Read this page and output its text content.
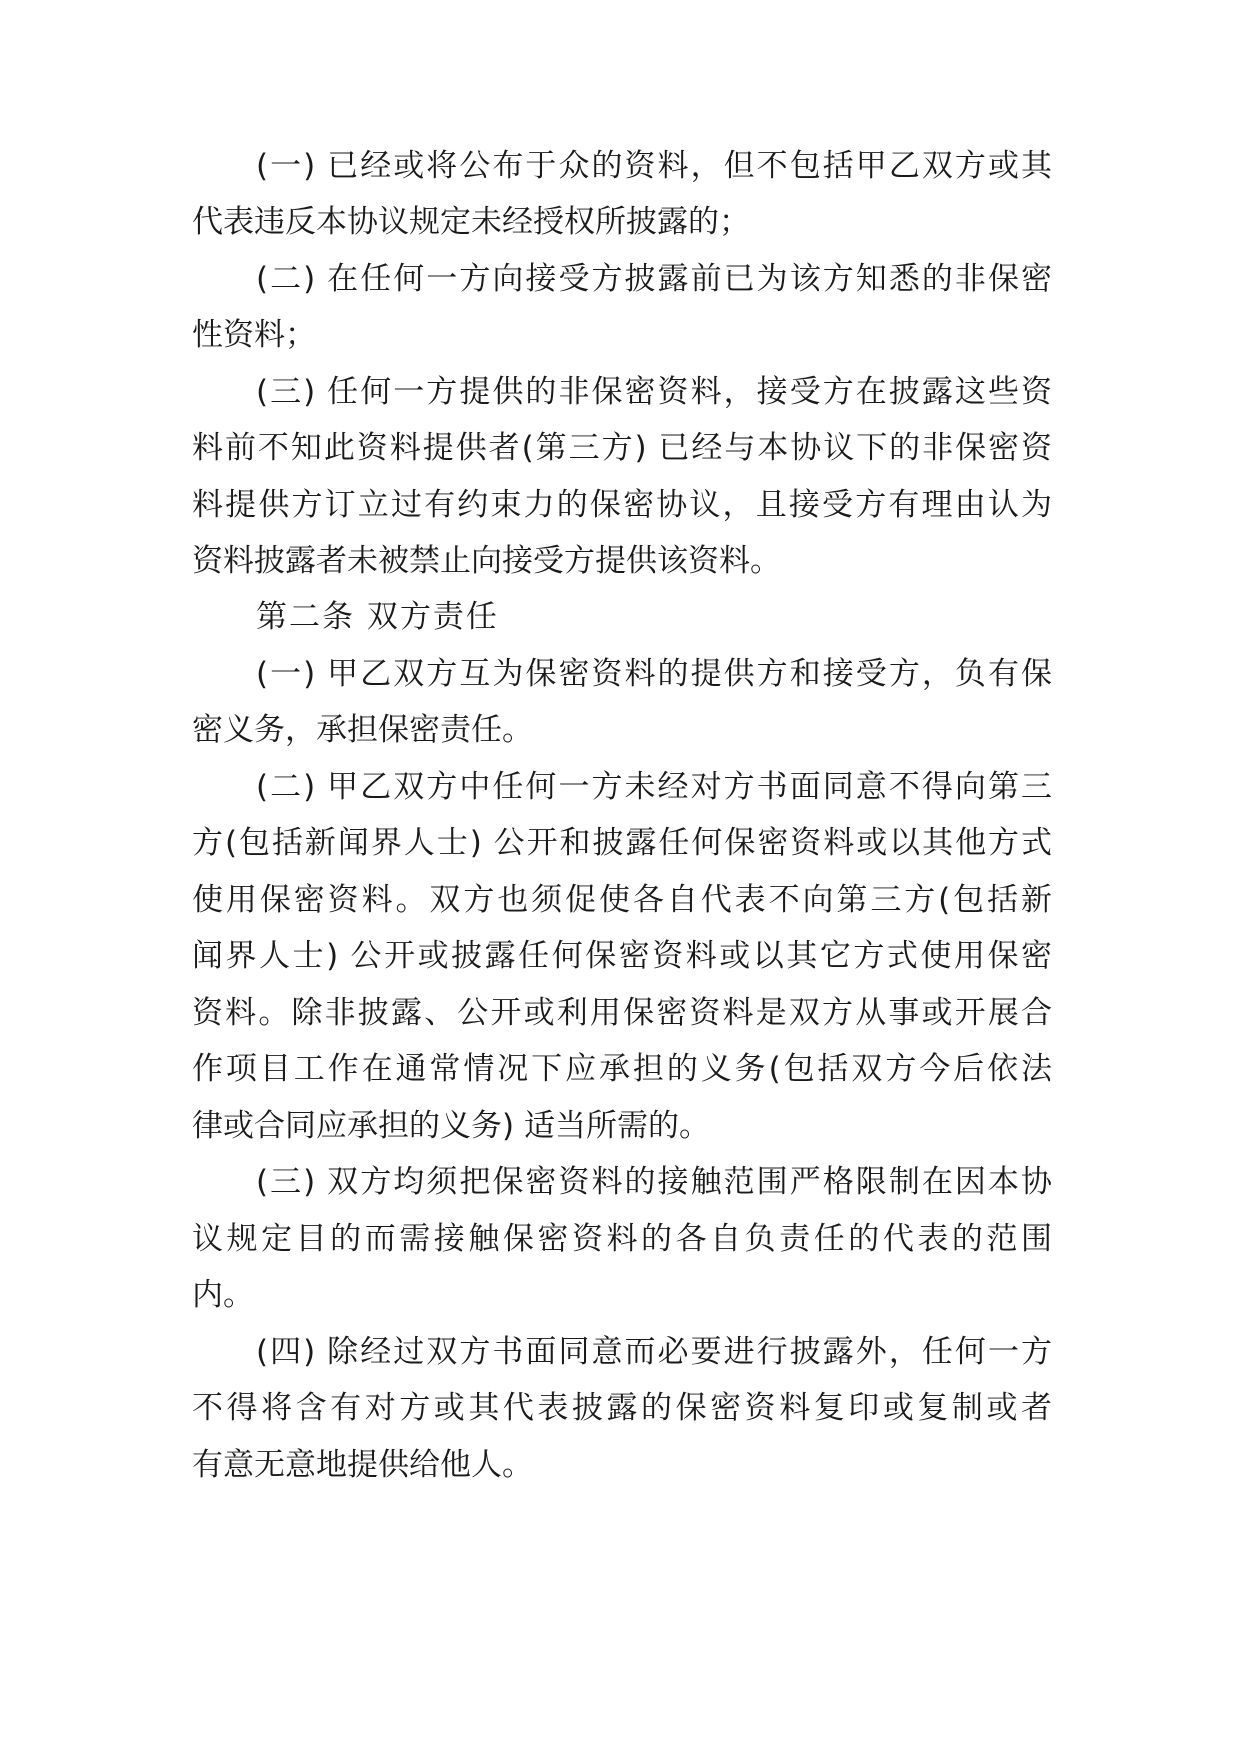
(一) 已经或将公布于众的资料，但不包括甲乙双方或其
代表违反本协议规定未经授权所披露的；
(二) 在任何一方向接受方披露前已为该方知悉的非保密
性资料；
(三) 任何一方提供的非保密资料，接受方在披露这些资
料前不知此资料提供者(第三方) 已经与本协议下的非保密资
料提供方订立过有约束力的保密协议，且接受方有理由认为
资料披露者未被禁止向接受方提供该资料。
第二条 双方责任
(一) 甲乙双方互为保密资料的提供方和接受方，负有保
密义务，承担保密责任。
(二) 甲乙双方中任何一方未经对方书面同意不得向第三
方(包括新闻界人士) 公开和披露任何保密资料或以其他方式
使用保密资料。双方也须促使各自代表不向第三方(包括新
闻界人士) 公开或披露任何保密资料或以其它方式使用保密
资料。除非披露、公开或利用保密资料是双方从事或开展合
作项目工作在通常情况下应承担的义务(包括双方今后依法
律或合同应承担的义务) 适当所需的。
(三) 双方均须把保密资料的接触范围严格限制在因本协
议规定目的而需接触保密资料的各自负责任的代表的范围
内。
(四) 除经过双方书面同意而必要进行披露外，任何一方
不得将含有对方或其代表披露的保密资料复印或复制或者
有意无意地提供给他人。
